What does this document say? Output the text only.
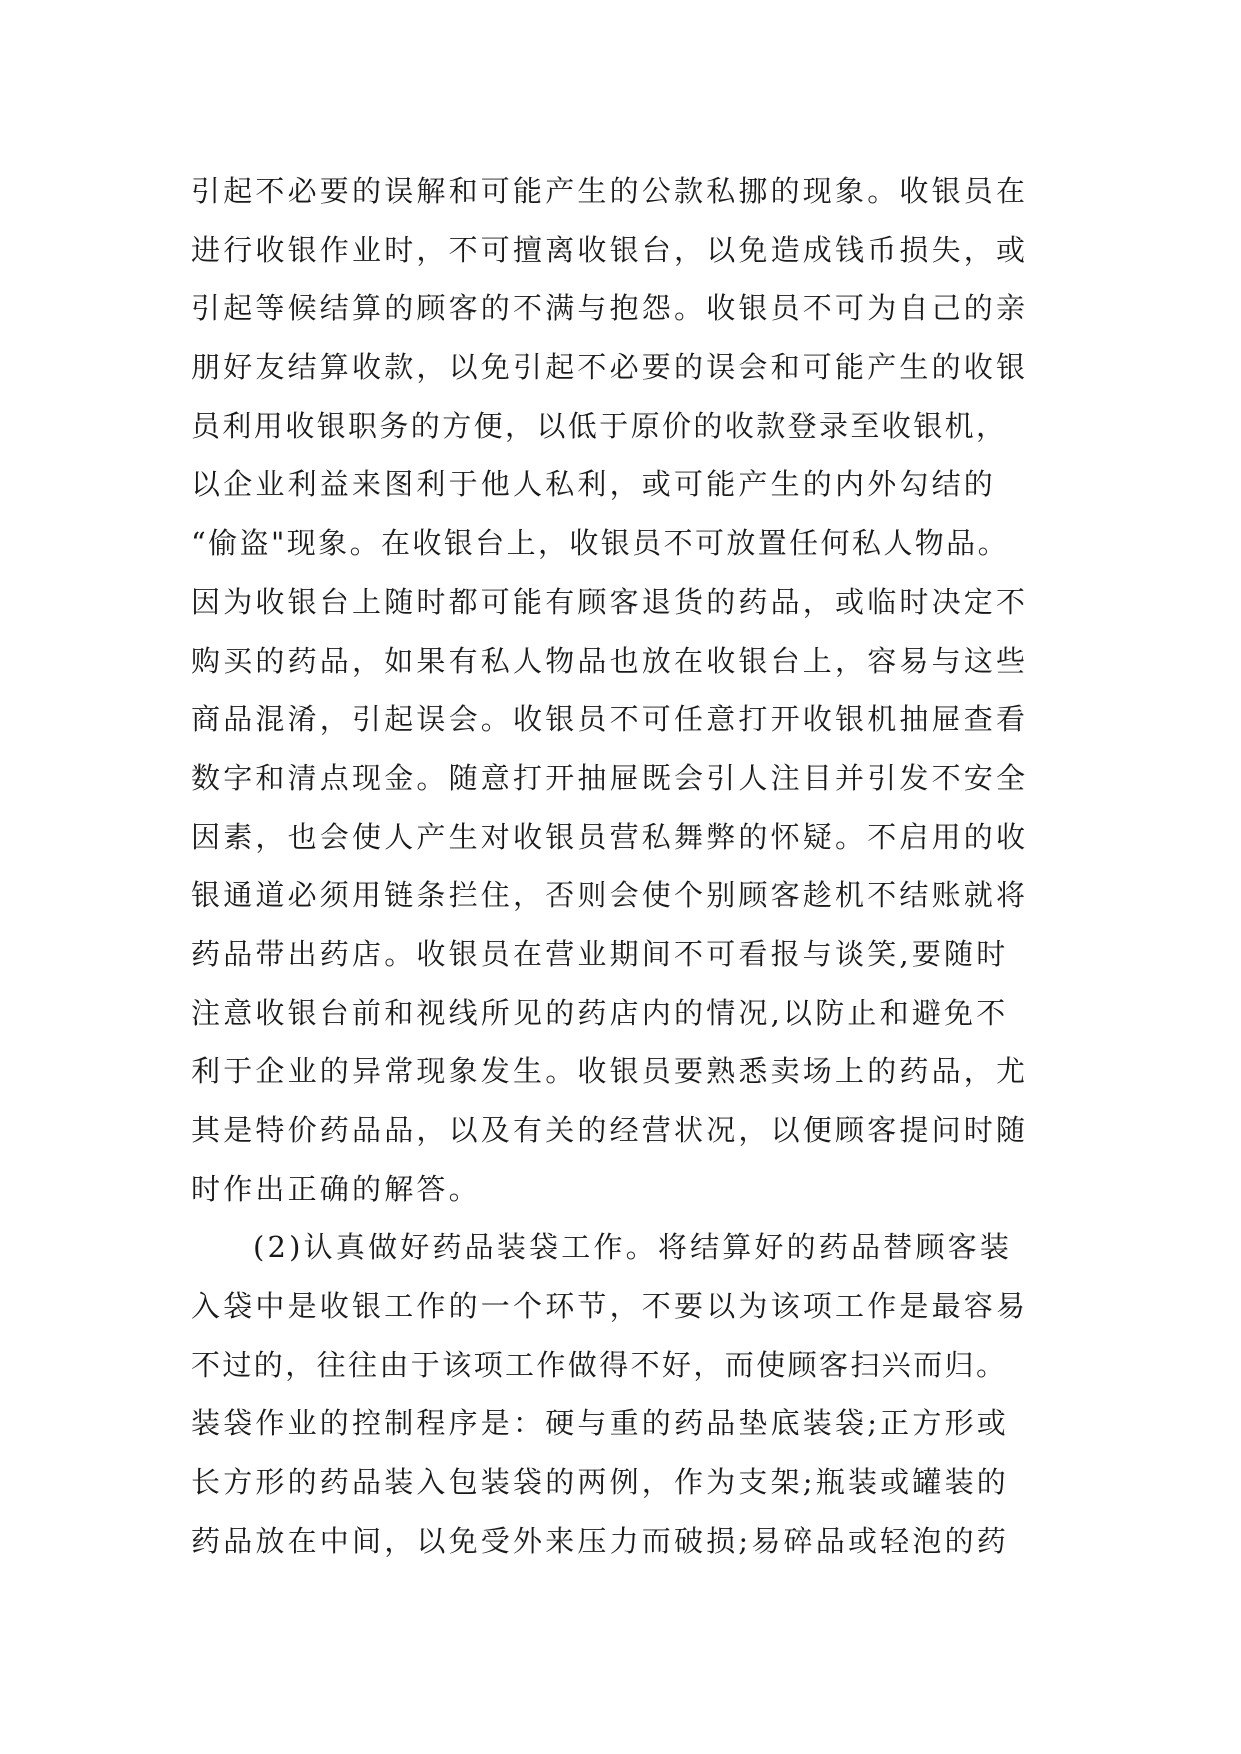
引起不必要的误解和可能产生的公款私挪的现象。收银员在
进行收银作业时，不可擅离收银台，以免造成钱币损失，或
引起等候结算的顾客的不满与抱怨。收银员不可为自己的亲
朋好友结算收款，以免引起不必要的误会和可能产生的收银
员利用收银职务的方便，以低于原价的收款登录至收银机，
以企业利益来图利于他人私利，或可能产生的内外勾结的
“偷盗"现象。在收银台上，收银员不可放置任何私人物品。
因为收银台上随时都可能有顾客退货的药品，或临时决定不
购买的药品，如果有私人物品也放在收银台上，容易与这些
商品混淆，引起误会。收银员不可任意打开收银机抽屉查看
数字和清点现金。随意打开抽屉既会引人注目并引发不安全
因素，也会使人产生对收银员营私舞弊的怀疑。不启用的收
银通道必须用链条拦住，否则会使个别顾客趁机不结账就将
药品带出药店。收银员在营业期间不可看报与谈笑,要随时
注意收银台前和视线所见的药店内的情况,以防止和避免不
利于企业的异常现象发生。收银员要熟悉卖场上的药品，尤
其是特价药品品，以及有关的经营状况，以便顾客提问时随
时作出正确的解答。
(2)认真做好药品装袋工作。将结算好的药品替顾客装
入袋中是收银工作的一个环节，不要以为该项工作是最容易
不过的，往往由于该项工作做得不好，而使顾客扫兴而归。
装袋作业的控制程序是：硬与重的药品垫底装袋;正方形或
长方形的药品装入包装袋的两例，作为支架;瓶装或罐装的
药品放在中间，以免受外来压力而破损;易碎品或轻泡的药
